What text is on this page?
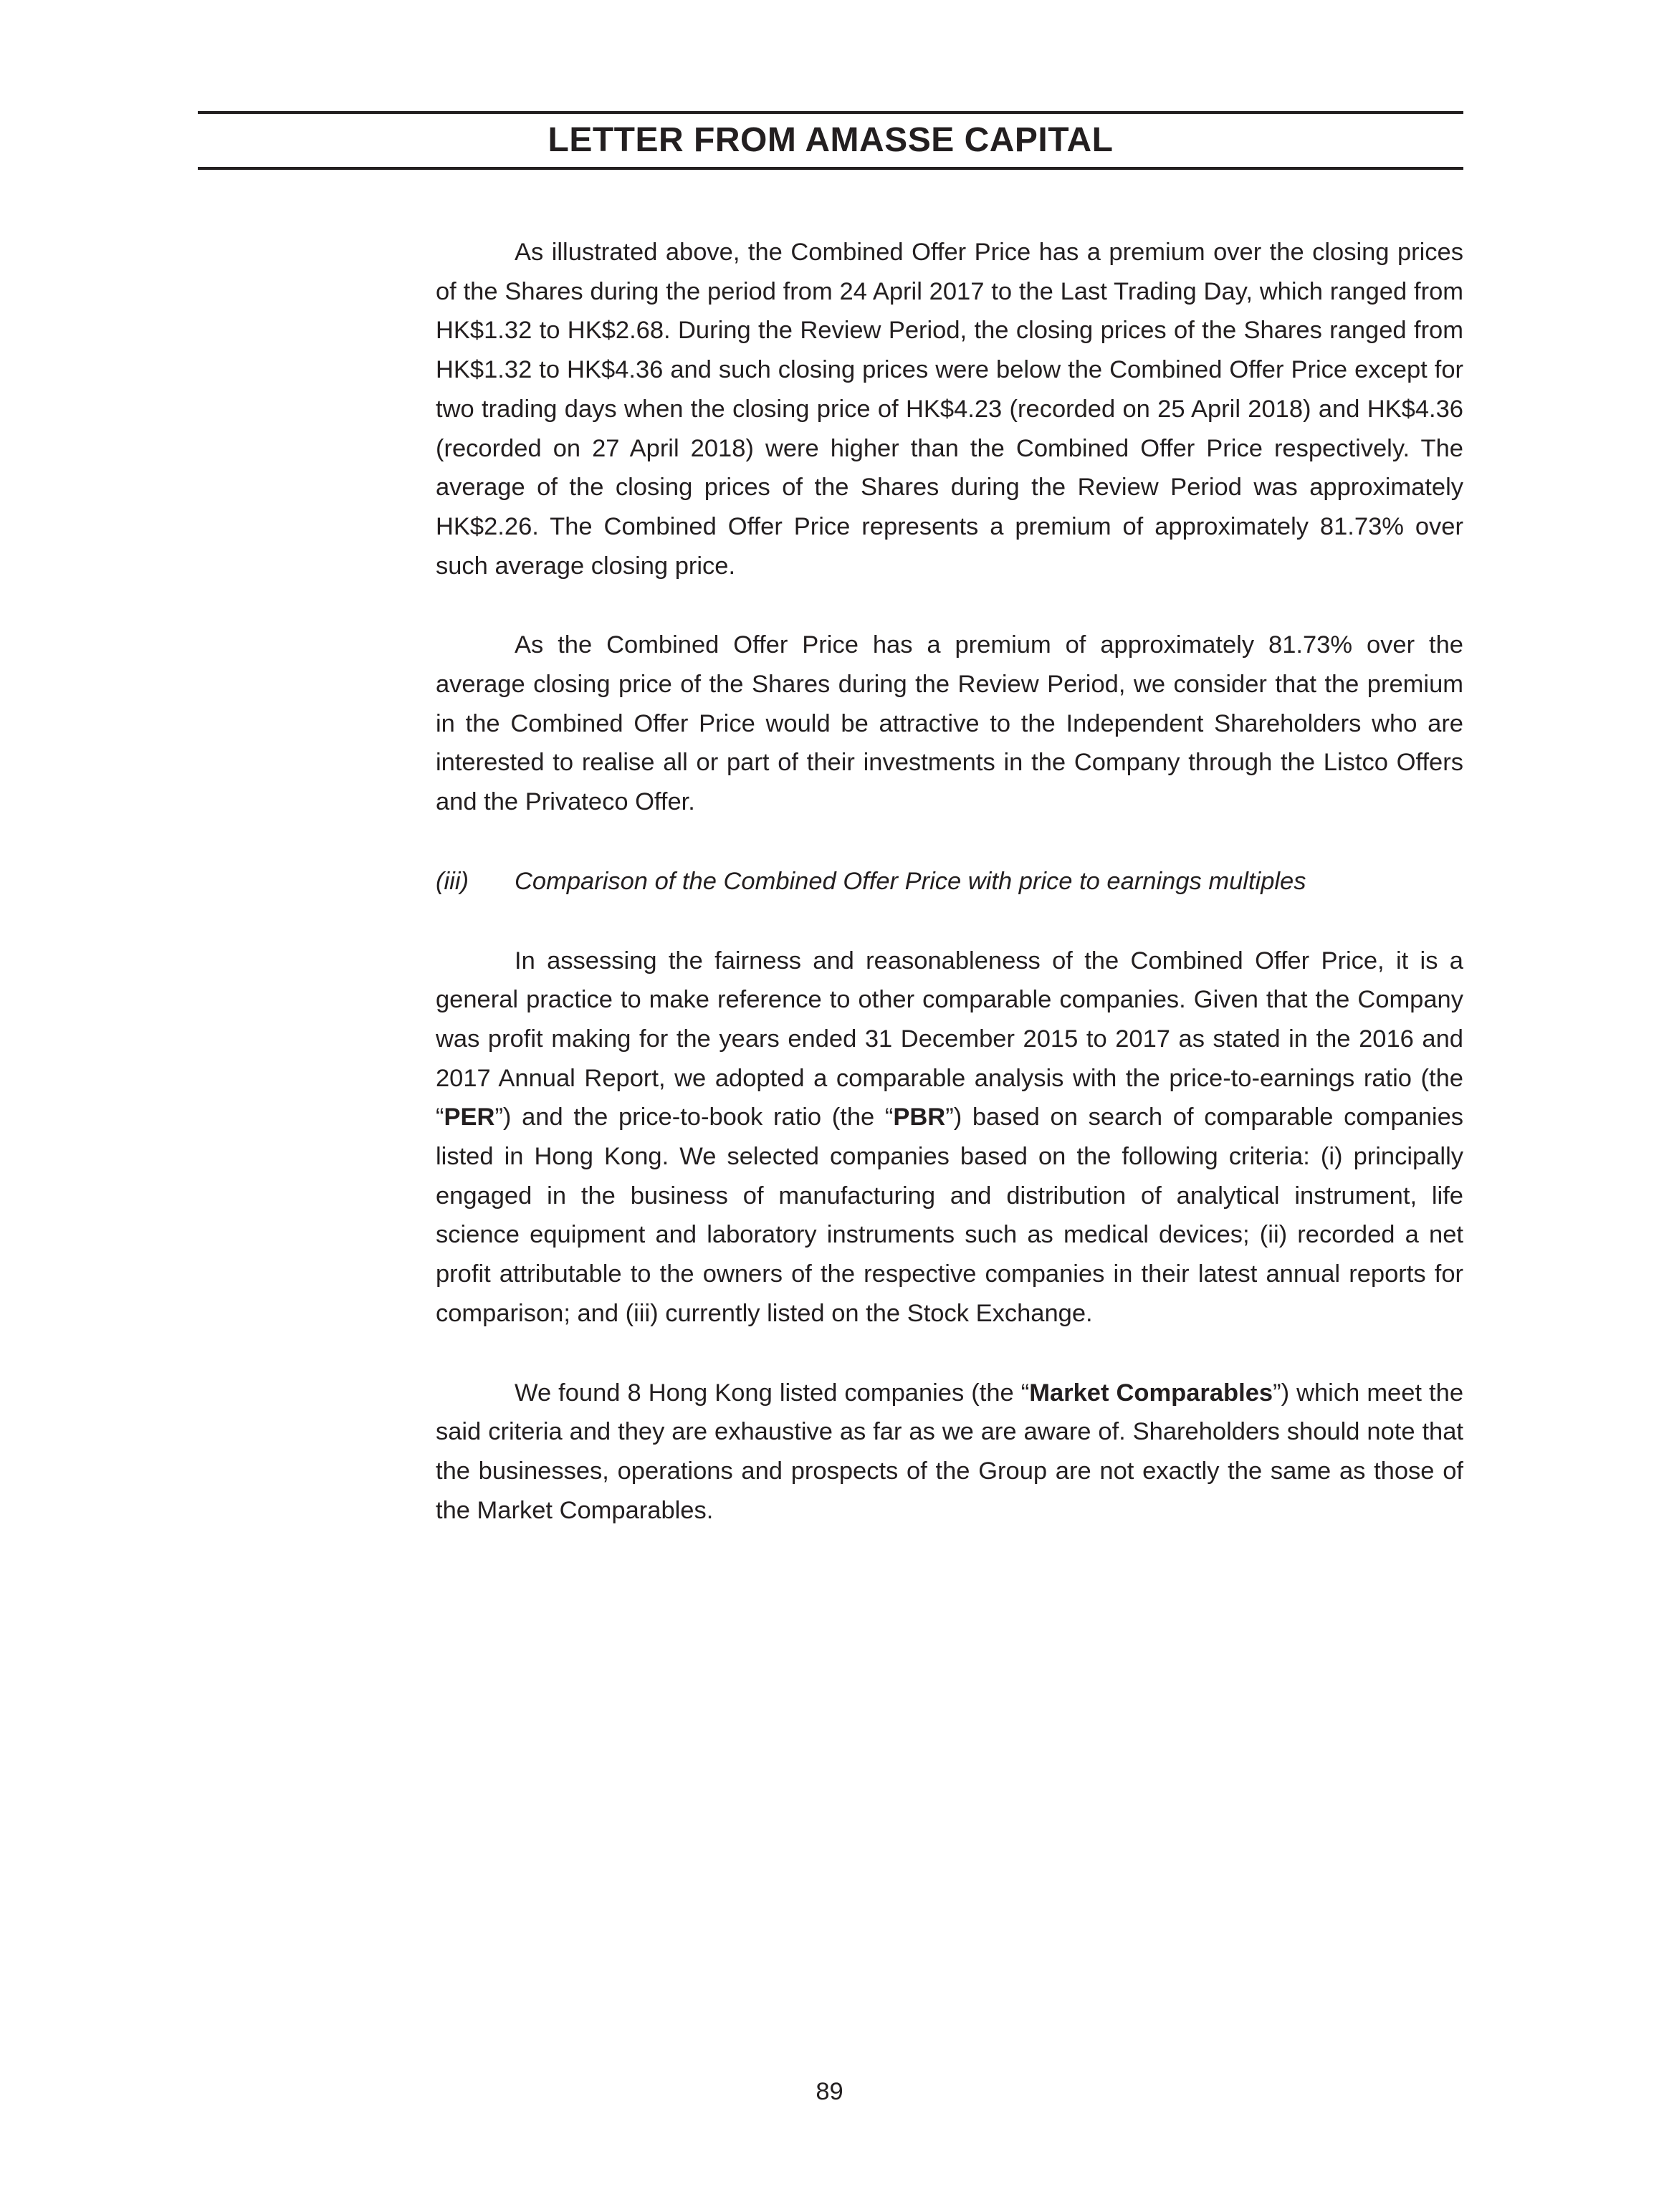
LETTER FROM AMASSE CAPITAL

As illustrated above, the Combined Offer Price has a premium over the closing prices of the Shares during the period from 24 April 2017 to the Last Trading Day, which ranged from HK$1.32 to HK$2.68. During the Review Period, the closing prices of the Shares ranged from HK$1.32 to HK$4.36 and such closing prices were below the Combined Offer Price except for two trading days when the closing price of HK$4.23 (recorded on 25 April 2018) and HK$4.36 (recorded on 27 April 2018) were higher than the Combined Offer Price respectively. The average of the closing prices of the Shares during the Review Period was approximately HK$2.26. The Combined Offer Price represents a premium of approximately 81.73% over such average closing price.

As the Combined Offer Price has a premium of approximately 81.73% over the average closing price of the Shares during the Review Period, we consider that the premium in the Combined Offer Price would be attractive to the Independent Shareholders who are interested to realise all or part of their investments in the Company through the Listco Offers and the Privateco Offer.

(iii) Comparison of the Combined Offer Price with price to earnings multiples

In assessing the fairness and reasonableness of the Combined Offer Price, it is a general practice to make reference to other comparable companies. Given that the Company was profit making for the years ended 31 December 2015 to 2017 as stated in the 2016 and 2017 Annual Report, we adopted a comparable analysis with the price-to-earnings ratio (the “PER”) and the price-to-book ratio (the “PBR”) based on search of comparable companies listed in Hong Kong. We selected companies based on the following criteria: (i) principally engaged in the business of manufacturing and distribution of analytical instrument, life science equipment and laboratory instruments such as medical devices; (ii) recorded a net profit attributable to the owners of the respective companies in their latest annual reports for comparison; and (iii) currently listed on the Stock Exchange.

We found 8 Hong Kong listed companies (the “Market Comparables”) which meet the said criteria and they are exhaustive as far as we are aware of. Shareholders should note that the businesses, operations and prospects of the Group are not exactly the same as those of the Market Comparables.

89
